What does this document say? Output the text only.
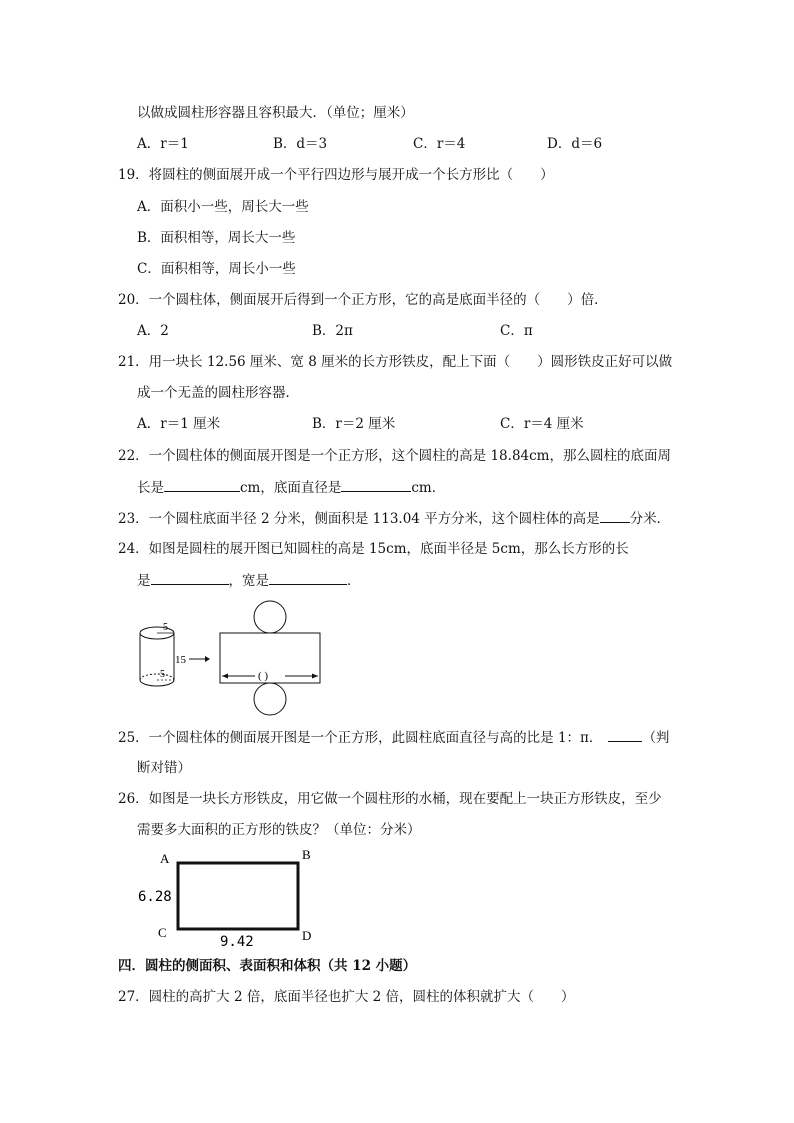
以做成圆柱形容器且容积最大．（单位；厘米）
A．r＝1	B．d＝3	C．r＝4	D．d＝6
19．将圆柱的侧面展开成一个平行四边形与展开成一个长方形比（　　）
A．面积小一些，周长大一些
B．面积相等，周长大一些
C．面积相等，周长小一些
20．一个圆柱体，侧面展开后得到一个正方形，它的高是底面半径的（　　）倍．
A．2	B．2π	C．π
21．用一块长 12.56 厘米、宽 8 厘米的长方形铁皮，配上下面（　　）圆形铁皮正好可以做
成一个无盖的圆柱形容器．
A．r＝1 厘米	B．r＝2 厘米	C．r＝4 厘米
22．一个圆柱体的侧面展开图是一个正方形，这个圆柱的高是 18.84cm，那么圆柱的底面周
长是	cm，底面直径是	cm．
23．一个圆柱底面半径 2 分米，侧面积是 113.04 平方分米，这个圆柱体的高是 分米．
24．如图是圆柱的展开图已知圆柱的高是 15cm，底面半径是 5cm，那么长方形的长
是	，宽是	．
5
5
15
( )
25．一个圆柱体的侧面展开图是一个正方形，此圆柱底面直径与高的比是 1：π．	（判
断对错）
26．如图是一块长方形铁皮，用它做一个圆柱形的水桶，现在要配上一块正方形铁皮，至少
需要多大面积的正方形的铁皮？（单位：分米）
A	B
C	D
6.28
9.42
四．圆柱的侧面积、表面积和体积（共 12 小题）
27．圆柱的高扩大 2 倍，底面半径也扩大 2 倍，圆柱的体积就扩大（　　）
